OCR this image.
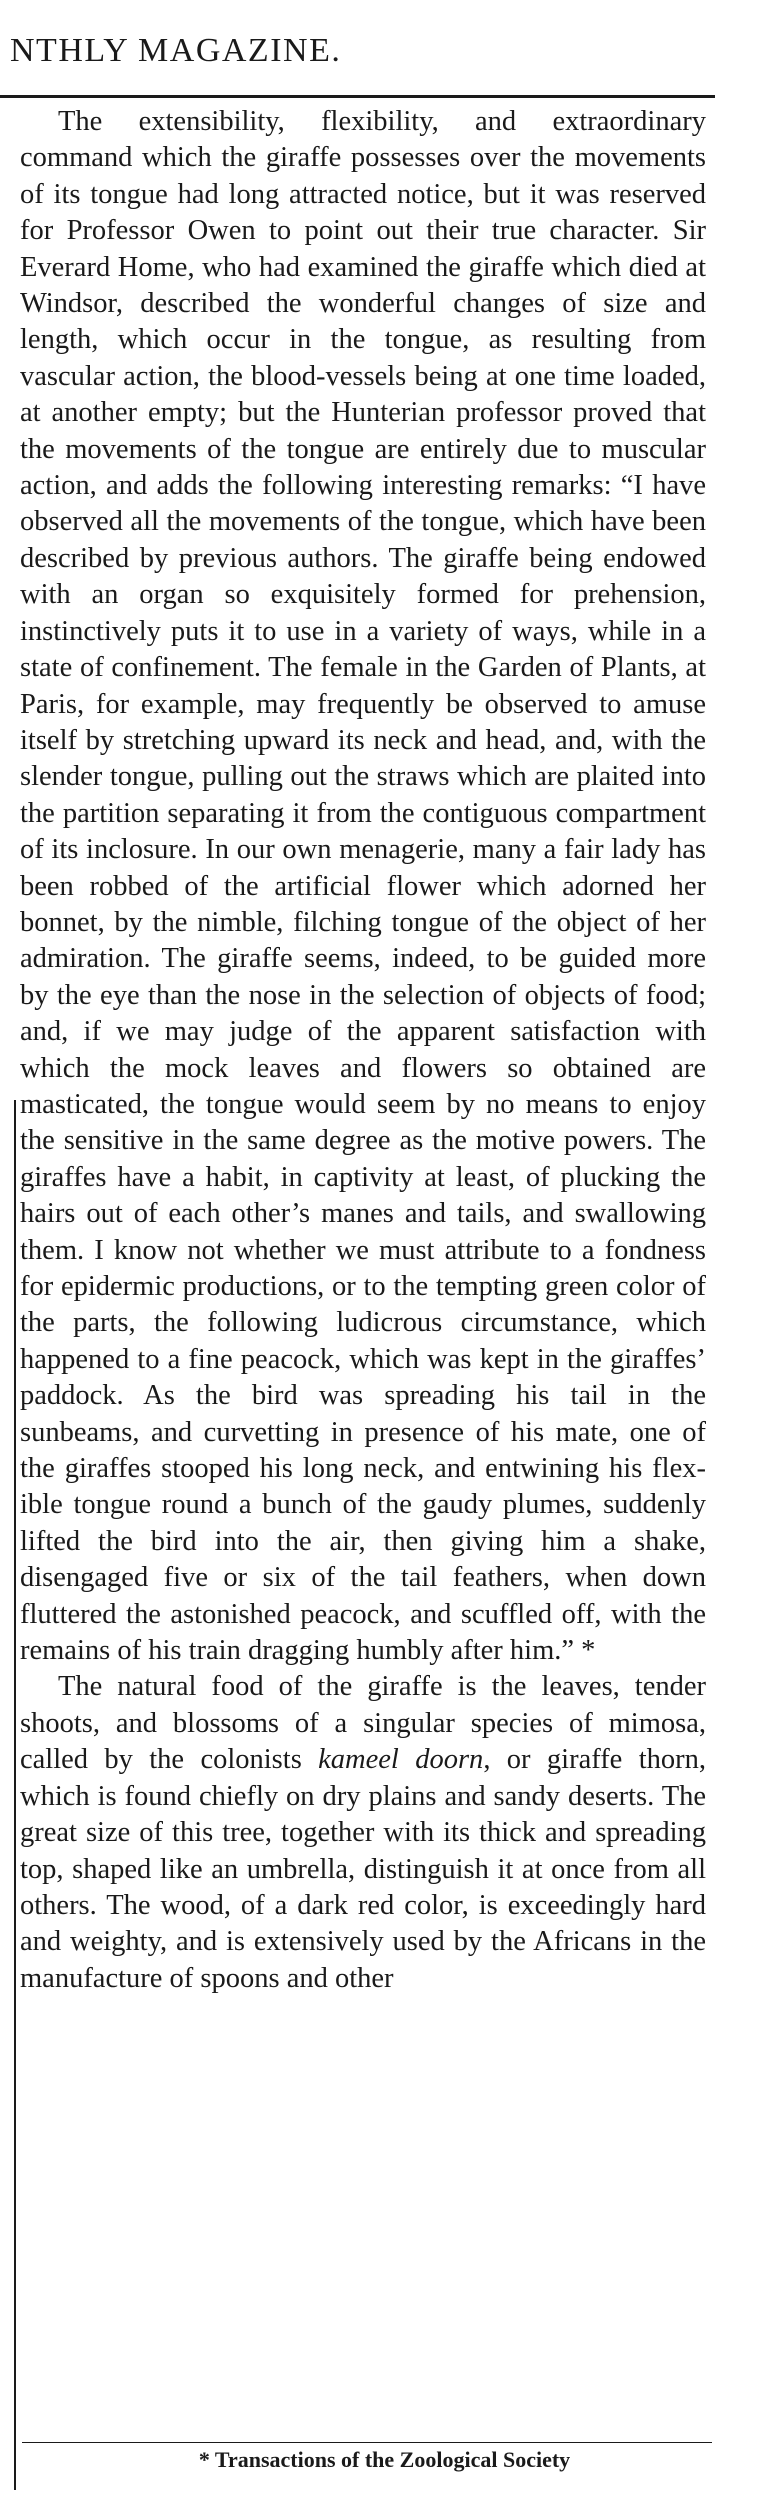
NTHLY MAGAZINE.

The extensibility, flexibility, and extraordinary command which the giraffe possesses over the movements of its tongue had long attracted notice, but it was reserved for Professor Owen to point out their true character. Sir Everard Home, who had examined the giraffe which died at Windsor, described the wonderful changes of size and length, which occur in the tongue, as resulting from vascular action, the blood-vessels being at one time loaded, at another empty; but the Hunterian professor proved that the movements of the tongue are entirely due to muscular action, and adds the following interesting remarks: “I have observed all the movements of the tongue, which have been described by previous authors. The giraffe being endowed with an organ so exquisitely formed for prehension, instinctively puts it to use in a variety of ways, while in a state of confinement. The female in the Garden of Plants, at Paris, for example, may frequently be observed to amuse itself by stretching upward its neck and head, and, with the slender tongue, pulling out the straws which are plaited into the partition separating it from the contiguous compartment of its inclosure. In our own menagerie, many a fair lady has been robbed of the artificial flower which adorned her bonnet, by the nimble, filching tongue of the object of her admiration. The giraffe seems, indeed, to be guided more by the eye than the nose in the selection of objects of food; and, if we may judge of the apparent satisfaction with which the mock leaves and flowers so obtained are masticated, the tongue would seem by no means to enjoy the sensitive in the same degree as the motive powers. The giraffes have a habit, in captivity at least, of plucking the hairs out of each other’s manes and tails, and swallowing them. I know not whether we must attribute to a fondness for epidermic productions, or to the tempting green color of the parts, the following ludicrous circumstance, which happened to a fine peacock, which was kept in the giraffes’ paddock. As the bird was spreading his tail in the sunbeams, and curvetting in presence of his mate, one of the giraffes stooped his long neck, and entwining his flexible tongue round a bunch of the gaudy plumes, suddenly lifted the bird into the air, then giving him a shake, disengaged five or six of the tail feathers, when down fluttered the astonished peacock, and scuffled off, with the remains of his train dragging humbly after him.” *

The natural food of the giraffe is the leaves, tender shoots, and blossoms of a singular species of mimosa, called by the colonists kameel doorn, or giraffe thorn, which is found chiefly on dry plains and sandy deserts. The great size of this tree, together with its thick and spreading top, shaped like an umbrella, distinguish it at once from all others. The wood, of a dark red color, is exceedingly hard and weighty, and is extensively used by the Africans in the manufacture of spoons and other

* Transactions of the Zoological Society
